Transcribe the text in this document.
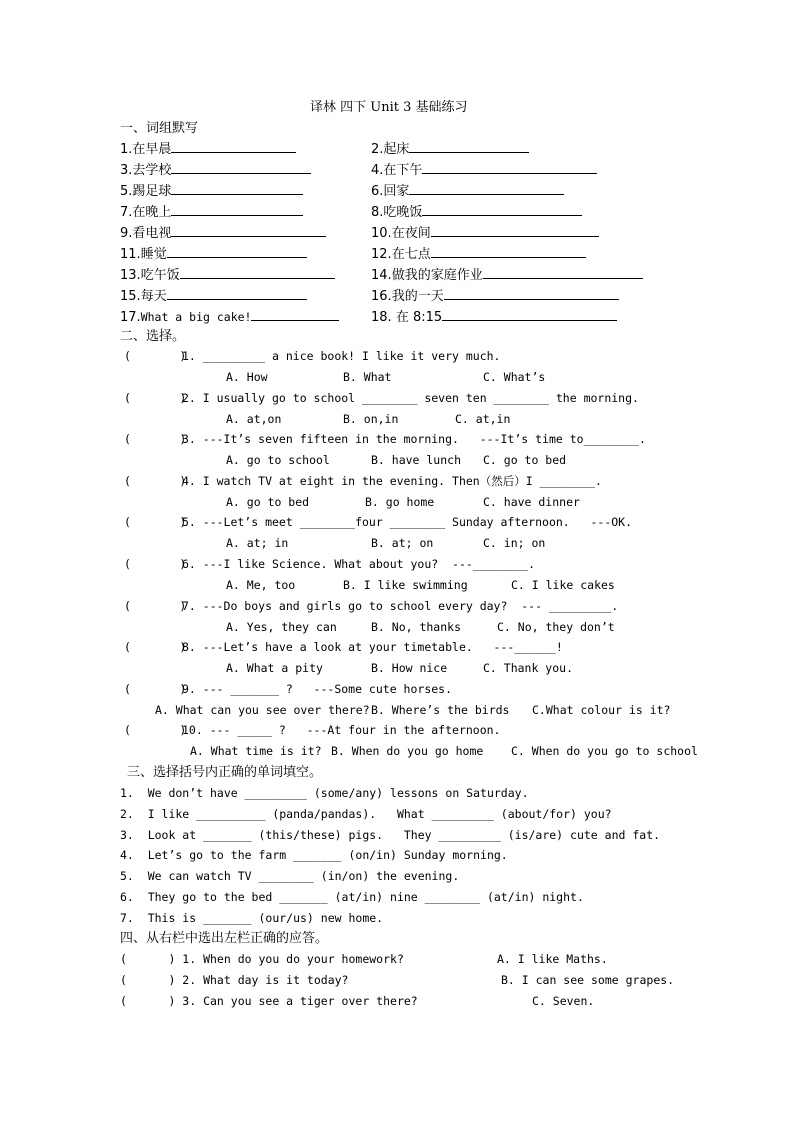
译林 四下 Unit 3 基础练习
一、词组默写
1.在早晨	2.起床
3.去学校	4.在下午
5.踢足球	6.回家
7.在晚上	8.吃晚饭
9.看电视	10.在夜间
11.睡觉	12.在七点
13.吃午饭	14.做我的家庭作业
15.每天	16.我的一天
17.What a big cake!	18. 在 8:15
二、选择。
(       )
1. _________ a nice book! I like it very much.
A. How	B. What	C. What’s
(       )
2. I usually go to school ________ seven ten ________ the morning.
A. at,on	B. on,in	C. at,in
(       )
3. ---It’s seven fifteen in the morning.   ---It’s time to________.
A. go to school	B. have lunch C. go to bed
(       )
4. I watch TV at eight in the evening. Then（然后）I ________.
A. go to bed	B. go home	C. have dinner
(       )
5. ---Let’s meet ________four ________ Sunday afternoon.   ---OK.
A. at; in	B. at; on	C. in; on
(       )
6. ---I like Science. What about you?  ---________.
A. Me, too	B. I like swimming	C. I like cakes
(       )
7. ---Do boys and girls go to school every day?  --- _________.
A. Yes, they can	B. No, thanks	C. No, they don’t
(       )
8. ---Let’s have a look at your timetable.   ---______!
A. What a pity	B. How nice	C. Thank you.
(       )
9. --- _______ ?   ---Some cute horses.
A. What can you see over there? B. Where’s the birds C.What colour is it?
(       )
10. --- _____ ?   ---At four in the afternoon.
A. What time is it? B. When do you go home C. When do you go to school
三、选择括号内正确的单词填空。
1.  We don’t have _________ (some/any) lessons on Saturday.
2.  I like __________ (panda/pandas).   What _________ (about/for) you?
3.  Look at _______ (this/these) pigs.   They _________ (is/are) cute and fat.
4.  Let’s go to the farm _______ (on/in) Sunday morning.
5.  We can watch TV ________ (in/on) the evening.
6.  They go to the bed _______ (at/in) nine ________ (at/in) night.
7.  This is _______ (our/us) new home.
四、从右栏中选出左栏正确的应答。
(      ) 1. When do you do your homework?	A. I like Maths.
(      ) 2. What day is it today?	B. I can see some grapes.
(      ) 3. Can you see a tiger over there?	C. Seven.
